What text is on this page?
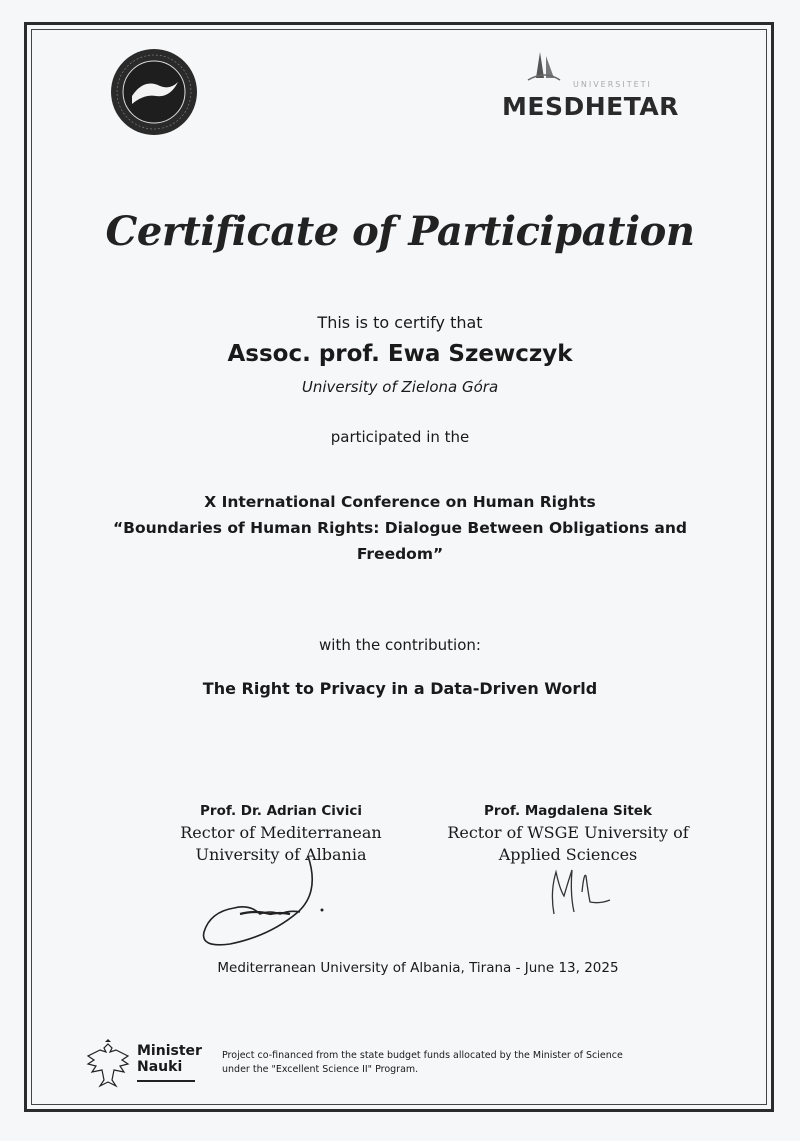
UNIVERSITETI
MESDHETAR
Certificate of Participation
This is to certify that
Assoc. prof. Ewa Szewczyk
University of Zielona Góra
participated in the
X International Conference on Human Rights
“Boundaries of Human Rights: Dialogue Between Obligations and Freedom”
with the contribution:
The Right to Privacy in a Data-Driven World
Prof. Dr. Adrian Civici
Rector of Mediterranean
University of Albania
Prof. Magdalena Sitek
Rector of WSGE University of
Applied Sciences
Mediterranean University of Albania, Tirana - June 13, 2025
Minister
Nauki
Project co-financed from the state budget funds allocated by the Minister of Science
under the "Excellent Science II" Program.
